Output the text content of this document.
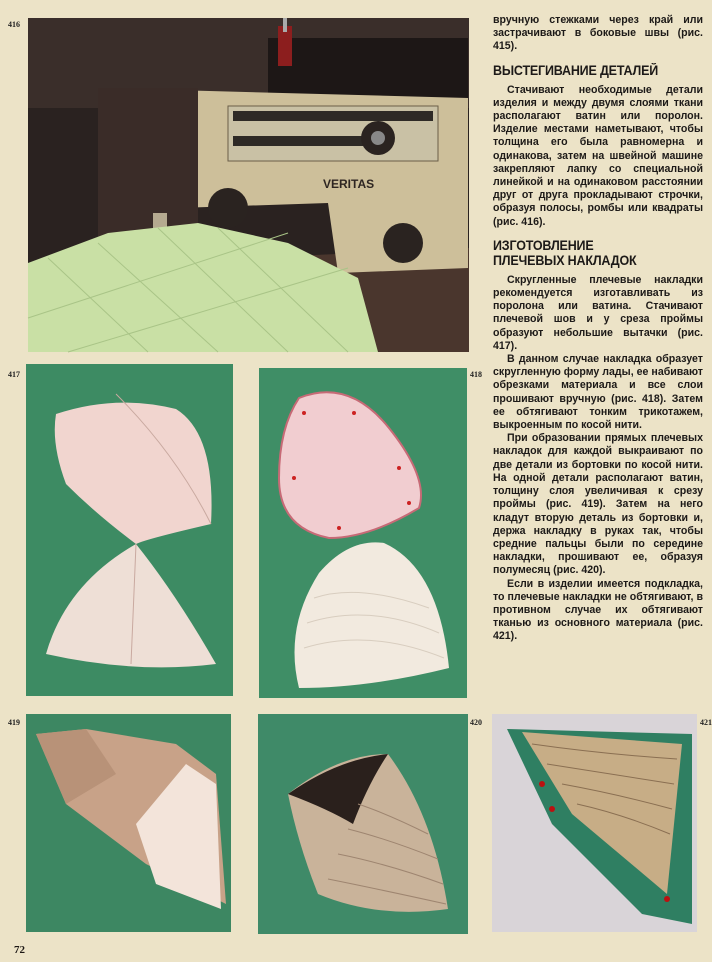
416
VERITAS
417	418
419	420	421

вручную стежками через край или застрачивают в боковые швы (рис. 415).

ВЫСТЕГИВАНИЕ ДЕТАЛЕЙ

Стачивают необходимые детали изделия и между двумя слоями ткани располагают ватин или поролон. Изделие местами наметывают, чтобы толщина его была равномерна и одинакова, затем на швейной машине закрепляют лапку со специальной линейкой и на одинаковом расстоянии друг от друга прокладывают строчки, образуя полосы, ромбы или квадраты (рис. 416).

ИЗГОТОВЛЕНИЕ
ПЛЕЧЕВЫХ НАКЛАДОК

Скругленные плечевые накладки рекомендуется изготавливать из поролона или ватина. Стачивают плечевой шов и у среза проймы образуют небольшие вытачки (рис. 417).

В данном случае накладка образует скругленную форму лады, ее набивают обрезками материала и все слои прошивают вручную (рис. 418). Затем ее обтягивают тонким трикотажем, выкроенным по косой нити.

При образовании прямых плечевых накладок для каждой выкраивают по две детали из бортовки по косой нити. На одной детали располагают ватин, толщину слоя увеличивая к срезу проймы (рис. 419). Затем на него кладут вторую деталь из бортовки и, держа накладку в руках так, чтобы средние пальцы были по середине накладки, прошивают ее, образуя полумесяц (рис. 420).

Если в изделии имеется подкладка, то плечевые накладки не обтягивают, в противном случае их обтягивают тканью из основного материала (рис. 421).

72
